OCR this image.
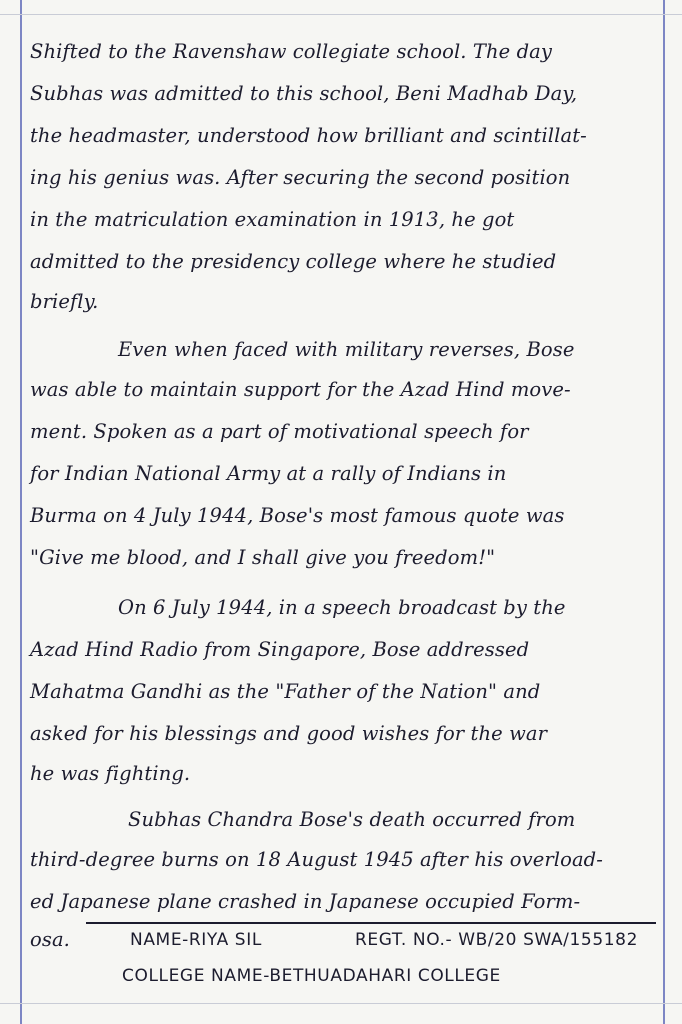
Shifted to the Ravenshaw collegiate school. The day
Subhas was admitted to this school, Beni Madhab Day,
the headmaster, understood how brilliant and scintillat-
ing his genius was. After securing the second position
in the matriculation examination in 1913, he got
admitted to the presidency college where he studied
briefly.
Even when faced with military reverses, Bose
was able to maintain support for the Azad Hind move-
ment. Spoken as a part of motivational speech for
for Indian National Army at a rally of Indians in
Burma on 4 July 1944, Bose's most famous quote was
"Give me blood, and I shall give you freedom!"
On 6 July 1944, in a speech broadcast by the
Azad Hind Radio from Singapore, Bose addressed
Mahatma Gandhi as the "Father of the Nation" and
asked for his blessings and good wishes for the war
he was fighting.
Subhas Chandra Bose's death occurred from
third-degree burns on 18 August 1945 after his overload-
ed Japanese plane crashed in Japanese occupied Form-
osa.	NAME-RIYA SIL	REGT. NO.- WB/20 SWA/155182
COLLEGE NAME-BETHUADAHARI COLLEGE
